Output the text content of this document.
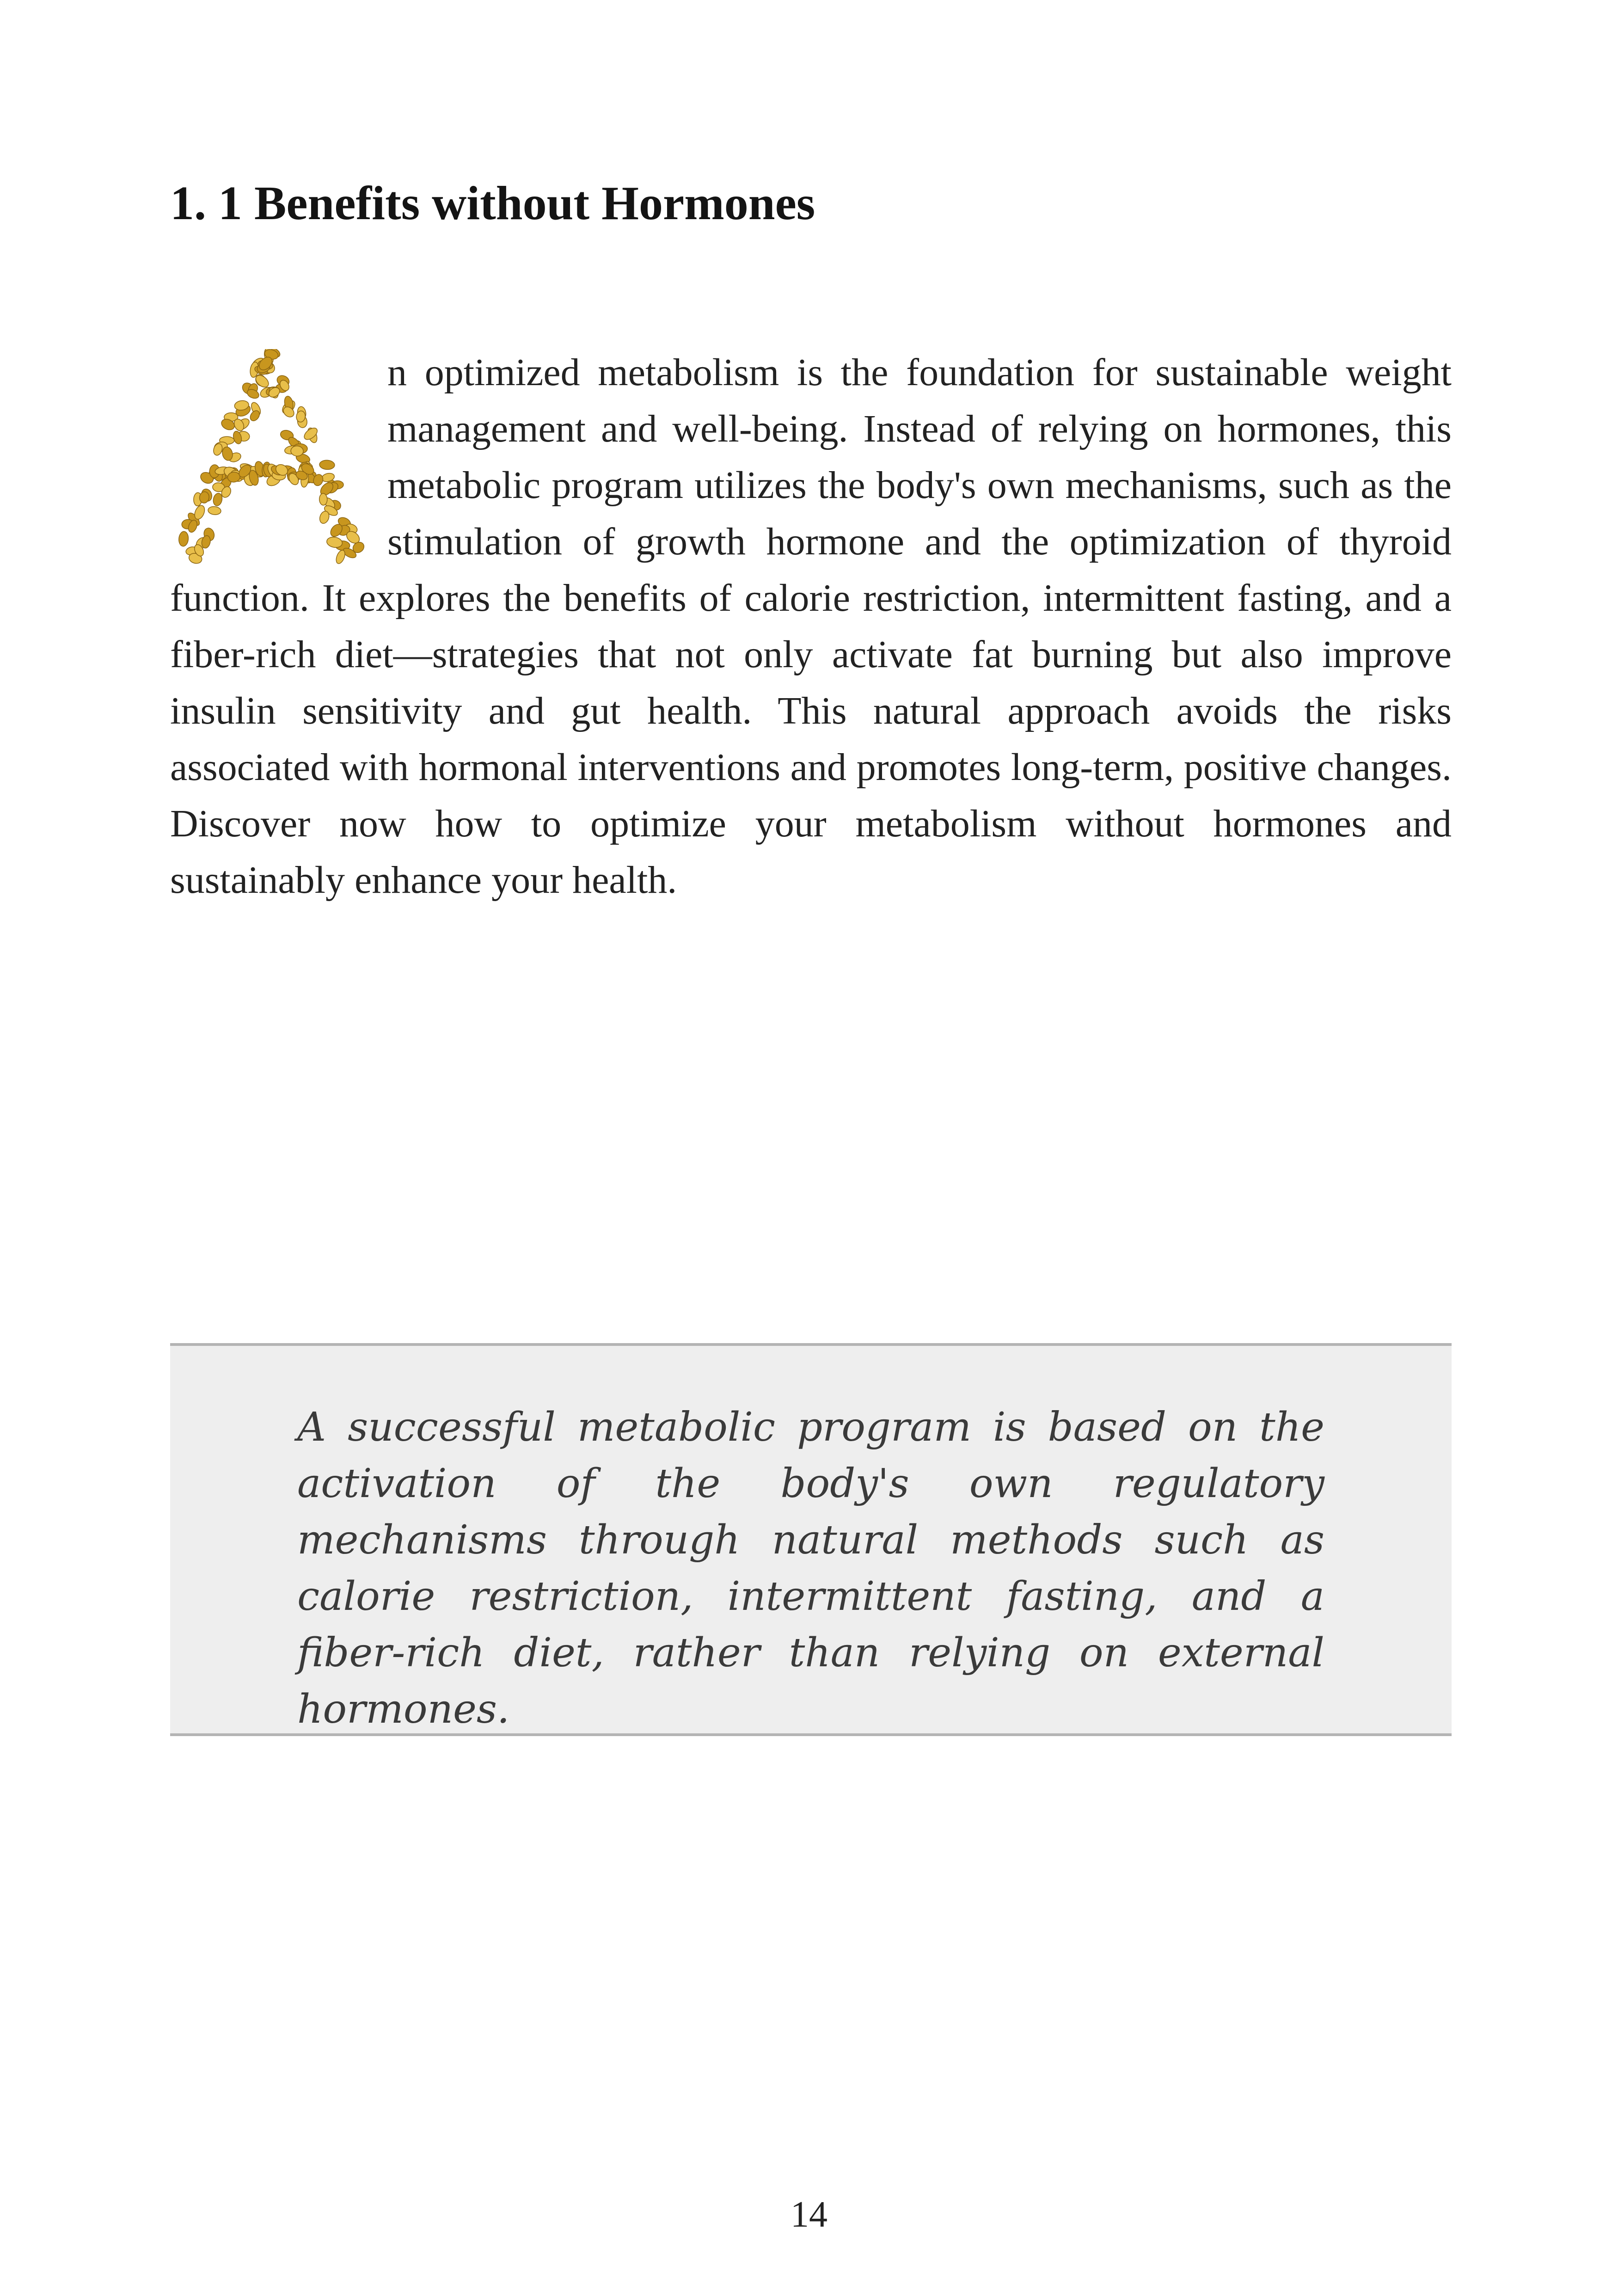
1. 1 Benefits without Hormones
n optimized metabolism is the foundation for sustainable weight management and well-being. Instead of relying on hormones, this metabolic program utilizes the body's own mechanisms, such as the stimulation of growth hormone and the optimization of thyroid function. It explores the benefits of calorie restriction, intermittent fasting, and a fiber-rich diet—strategies that not only activate fat burning but also improve insulin sensitivity and gut health. This natural approach avoids the risks associated with hormonal interventions and promotes long-term, positive changes. Discover now how to optimize your metabolism without hormones and sustainably enhance your health.

A successful metabolic program is based on the activation of the body's own regulatory mechanisms through natural methods such as calorie restriction, intermittent fasting, and a fiber-rich diet, rather than relying on external hormones.

14
